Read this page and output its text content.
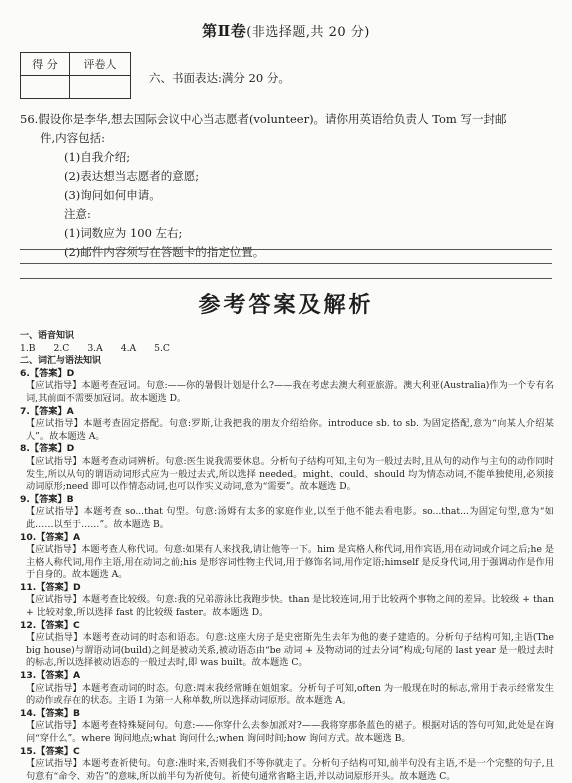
第Ⅱ卷(非选择题,共 20 分)
得 分	评卷人

六、书面表达:满分 20 分。
56.假设你是李华,想去国际会议中心当志愿者(volunteer)。请你用英语给负责人 Tom 写一封邮
件,内容包括:
(1)自我介绍;
(2)表达想当志愿者的意愿;
(3)询问如何申请。
注意:
(1)词数应为 100 左右;
(2)邮件内容须写在答题卡的指定位置。
参考答案及解析
一、语音知识
1.B 2.C 3.A 4.A 5.C
二、词汇与语法知识
6.【答案】D
【应试指导】本题考查冠词。句意:——你的暑假计划是什么?——我在考虑去澳大利亚旅游。澳大利亚(Australia)作为一个专有名词,其前面不需要加冠词。故本题选 D。
7.【答案】A
【应试指导】本题考查固定搭配。句意:罗斯,让我把我的朋友介绍给你。introduce sb. to sb. 为固定搭配,意为“向某人介绍某人”。故本题选 A。
8.【答案】D
【应试指导】本题考查动词辨析。句意:医生说我需要休息。分析句子结构可知,主句为一般过去时,且从句的动作与主句的动作同时发生,所以从句的谓语动词形式应为一般过去式,所以选择 needed。might、could、should 均为情态动词,不能单独使用,必须接动词原形;need 即可以作情态动词,也可以作实义动词,意为“需要”。故本题选 D。
9.【答案】B
【应试指导】本题考查 so...that 句型。句意:汤姆有太多的家庭作业,以至于他不能去看电影。so...that...为固定句型,意为“如此……以至于……”。故本题选 B。
10.【答案】A
【应试指导】本题考查人称代词。句意:如果有人来找我,请让他等一下。him 是宾格人称代词,用作宾语,用在动词或介词之后;he 是主格人称代词,用作主语,用在动词之前;his 是形容词性物主代词,用于修饰名词,用作定语;himself 是反身代词,用于强调动作是作用于自身的。故本题选 A。
11.【答案】D
【应试指导】本题考查比较级。句意:我的兄弟游泳比我跑步快。than 是比较连词,用于比较两个事物之间的差异。比较级 + than + 比较对象,所以选择 fast 的比较级 faster。故本题选 D。
12.【答案】C
【应试指导】本题考查动词的时态和语态。句意:这座大房子是史密斯先生去年为他的妻子建造的。分析句子结构可知,主语(The big house)与谓语动词(build)之间是被动关系,被动语态由“be 动词 + 及物动词的过去分词”构成;句尾的 last year 是一般过去时的标志,所以选择被动语态的一般过去时,即 was built。故本题选 C。
13.【答案】A
【应试指导】本题考查动词的时态。句意:周末我经常睡在姐姐家。分析句子可知,often 为一般现在时的标志,常用于表示经常发生的动作或存在的状态。主语 I 为第一人称单数,所以选择动词原形。故本题选 A。
14.【答案】B
【应试指导】本题考查特殊疑问句。句意:——你穿什么去参加派对?——我将穿那条蓝色的裙子。根据对话的答句可知,此处是在询问“穿什么”。where 询问地点;what 询问什么;when 询问时间;how 询问方式。故本题选 B。
15.【答案】C
【应试指导】本题考查祈使句。句意:准时来,否则我们不等你就走了。分析句子结构可知,前半句没有主语,不是一个完整的句子,且句意有“命令、劝告”的意味,所以前半句为祈使句。祈使句通常省略主语,并以动词原形开头。故本题选 C。
